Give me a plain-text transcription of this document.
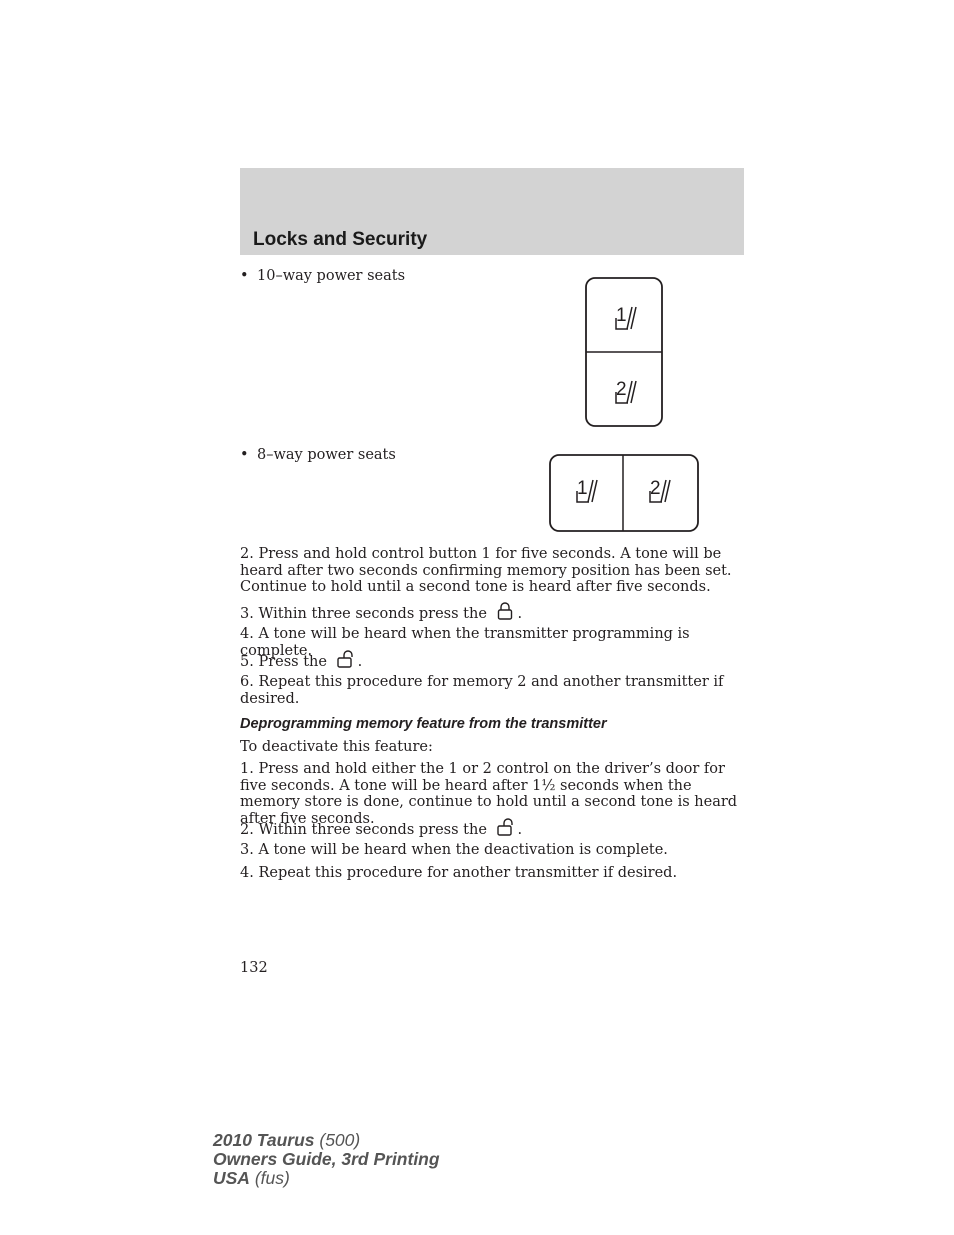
Locks and Security
• 10–way power seats
1
2
• 8–way power seats
1	2
2. Press and hold control button 1 for five seconds. A tone will be heard after two seconds confirming memory position has been set. Continue to hold until a second tone is heard after five seconds.
3. Within three seconds press the .
4. A tone will be heard when the transmitter programming is complete.
5. Press the .
6. Repeat this procedure for memory 2 and another transmitter if desired.
Deprogramming memory feature from the transmitter
To deactivate this feature:
1. Press and hold either the 1 or 2 control on the driver’s door for five seconds. A tone will be heard after 1½ seconds when the memory store is done, continue to hold until a second tone is heard after five seconds.
2. Within three seconds press the .
3. A tone will be heard when the deactivation is complete.
4. Repeat this procedure for another transmitter if desired.
132
2010 Taurus (500)
Owners Guide, 3rd Printing
USA (fus)
